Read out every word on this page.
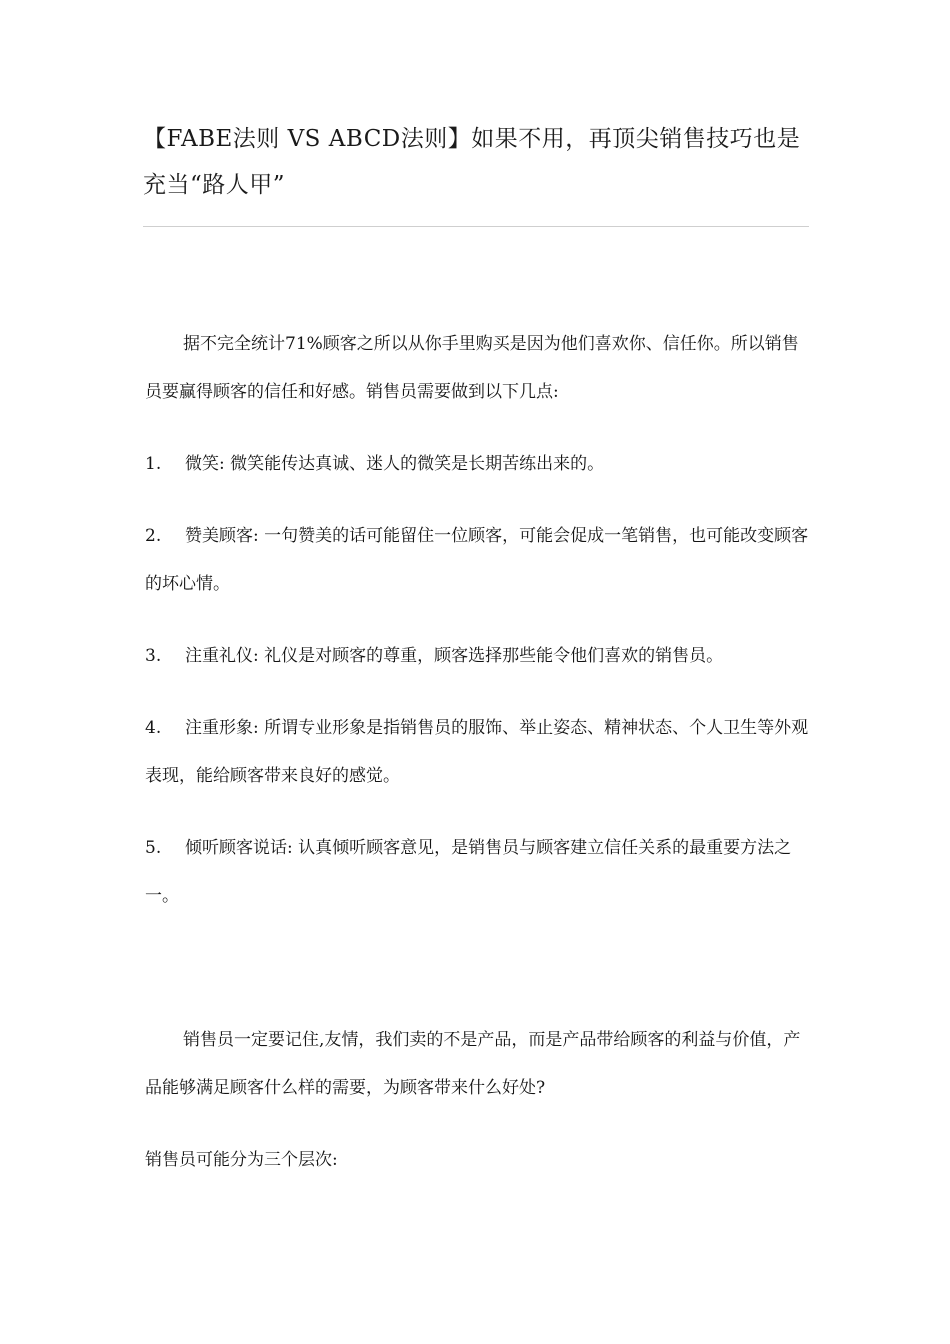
【FABE法则 VS ABCD法则】如果不用，再顶尖销售技巧也是充当“路人甲”

据不完全统计71%顾客之所以从你手里购买是因为他们喜欢你、信任你。所以销售员要赢得顾客的信任和好感。销售员需要做到以下几点:

1. 微笑: 微笑能传达真诚、迷人的微笑是长期苦练出来的。

2. 赞美顾客: 一句赞美的话可能留住一位顾客，可能会促成一笔销售，也可能改变顾客的坏心情。

3. 注重礼仪: 礼仪是对顾客的尊重，顾客选择那些能令他们喜欢的销售员。

4. 注重形象: 所谓专业形象是指销售员的服饰、举止姿态、精神状态、个人卫生等外观表现，能给顾客带来良好的感觉。

5. 倾听顾客说话: 认真倾听顾客意见，是销售员与顾客建立信任关系的最重要方法之一。

销售员一定要记住,友情，我们卖的不是产品，而是产品带给顾客的利益与价值，产品能够满足顾客什么样的需要，为顾客带来什么好处?

销售员可能分为三个层次:
